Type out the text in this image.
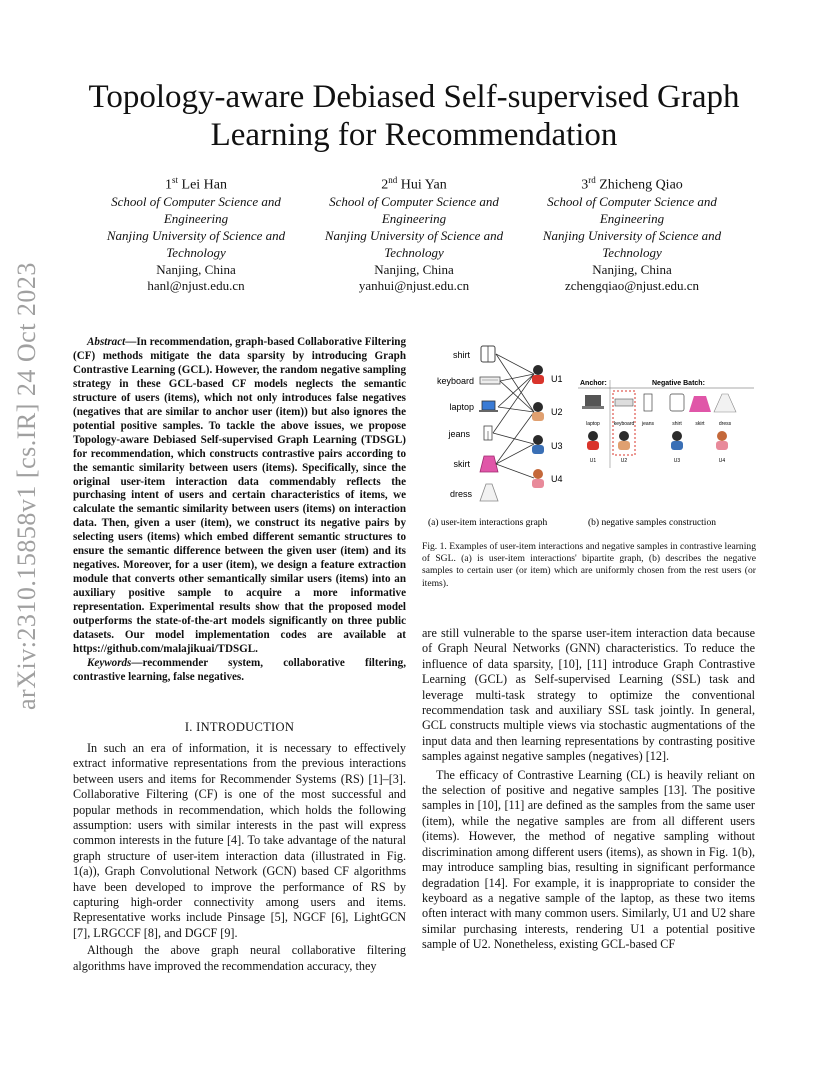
arXiv:2310.15858v1 [cs.IR] 24 Oct 2023
Topology-aware Debiased Self-supervised Graph Learning for Recommendation
1st Lei Han
School of Computer Science and Engineering
Nanjing University of Science and Technology
Nanjing, China
hanl@njust.edu.cn
2nd Hui Yan
School of Computer Science and Engineering
Nanjing University of Science and Technology
Nanjing, China
yanhui@njust.edu.cn
3rd Zhicheng Qiao
School of Computer Science and Engineering
Nanjing University of Science and Technology
Nanjing, China
zchengqiao@njust.edu.cn

Abstract—In recommendation, graph-based Collaborative Filtering (CF) methods mitigate the data sparsity by introducing Graph Contrastive Learning (GCL). However, the random negative sampling strategy in these GCL-based CF models neglects the semantic structure of users (items), which not only introduces false negatives (negatives that are similar to anchor user (item)) but also ignores the potential positive samples. To tackle the above issues, we propose Topology-aware Debiased Self-supervised Graph Learning (TDSGL) for recommendation, which constructs contrastive pairs according to the semantic similarity between users (items). Specifically, since the original user-item interaction data commendably reflects the purchasing intent of users and certain characteristics of items, we calculate the semantic similarity between users (items) on interaction data. Then, given a user (item), we construct its negative pairs by selecting users (items) which embed different semantic structures to ensure the semantic difference between the given user (item) and its negatives. Moreover, for a user (item), we design a feature extraction module that converts other semantically similar users (items) into an auxiliary positive sample to acquire a more informative representation. Experimental results show that the proposed model outperforms the state-of-the-art models significantly on three public datasets. Our model implementation codes are available at https://github.com/malajikuai/TDSGL.

Keywords—recommender system, collaborative filtering, contrastive learning, false negatives.

I. INTRODUCTION

In such an era of information, it is necessary to effectively extract informative representations from the previous interactions between users and items for Recommender Systems (RS) [1]–[3]. Collaborative Filtering (CF) is one of the most successful and popular methods in recommendation, which holds the following assumption: users with similar interests in the past will express common interests in the future [4]. To take advantage of the natural graph structure of user-item interaction data (illustrated in Fig. 1(a)), Graph Convolutional Network (GCN) based CF algorithms have been developed to improve the performance of RS by capturing high-order connectivity among users and items. Representative works include Pinsage [5], NGCF [6], LightGCN [7], LRGCCF [8], and DGCF [9].

Although the above graph neural collaborative filtering algorithms have improved the recommendation accuracy, they

shirt
keyboard
laptop
jeans
skirt
dress
U1
U2
U3
U4
Anchor:	Negative Batch:
laptop	keyboard jeans	shirt	skirt	dress
U1	U2	U3	U4
(a) user-item interactions graph	(b) negative samples construction
Fig. 1. Examples of user-item interactions and negative samples in contrastive learning of SGL. (a) is user-item interactions' bipartite graph, (b) describes the negative samples to certain user (or item) which are uniformly chosen from the rest users (or items).

are still vulnerable to the sparse user-item interaction data because of Graph Neural Networks (GNN) characteristics. To reduce the influence of data sparsity, [10], [11] introduce Graph Contrastive Learning (GCL) as Self-supervised Learning (SSL) task and leverage multi-task strategy to optimize the conventional recommendation task and auxiliary SSL task jointly. In general, GCL constructs multiple views via stochastic augmentations of the input data and then learning representations by contrasting positive samples against negative samples (negatives) [12].

The efficacy of Contrastive Learning (CL) is heavily reliant on the selection of positive and negative samples [13]. The positive samples in [10], [11] are defined as the samples from the same user (item), while the negative samples are from all different users (items). However, the method of negative sampling without discrimination among different users (items), as shown in Fig. 1(b), may introduce sampling bias, resulting in significant performance degradation [14]. For example, it is inappropriate to consider the keyboard as a negative sample of the laptop, as these two items often interact with many common users. Similarly, U1 and U2 share similar purchasing interests, rendering U1 a potential positive sample of U2. Nonetheless, existing GCL-based CF
